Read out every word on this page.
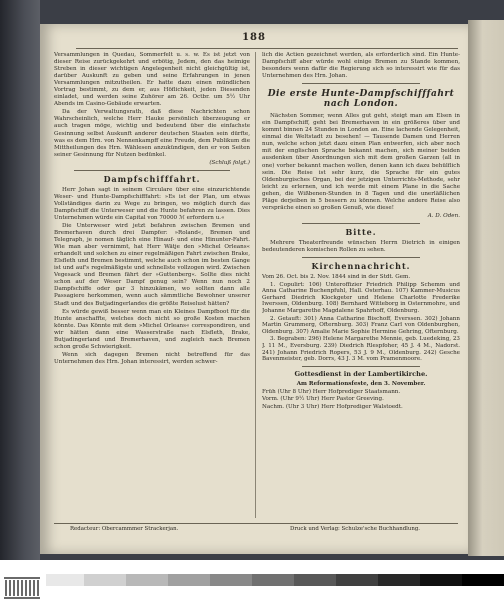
188

Versammlungen in Quedau, Sommerfelt u. s. w. Es ist jetzt von dieser Reise zurückgekehrt und erbötig, Jedem, den das heimige Streben in dieser wichtigen Angelegenheit nicht gleichgültig ist, darüber Auskunft zu geben und seine Erfahrungen in jenen Versammlungen mitzutheilen. Er hatte dazu einen mündlichen Vortrag bestimmt, zu dem er, aus Höflichkeit, jeden Diesenden einladet, und werden seine Zuhörer am 26. Octbr. um 5½ Uhr Abends im Casino-Gebäude erwarten.

Da der Verwaltungsrath, daß diese Nachrichten schon Wahrscheinlich, welche Herr Hauke persönlich überzeugung er auch tragen möge, wichtig und bedeutend über die einfachste Gesinnung selbst Auskunft anderer deutschen Staaten sein dürfte, was es dem Hrn. von Nennenkampff eine Freude, dem Publikum die Mittheilungen des Hrn. Wählesen anzukündigen, den er von Seiten seiner Gesinnung für Nutzen bedünkel.

(Schluß folgt.)
Dampfschifffahrt.

Herr Johan sagt in seinem Circulare über eine einzurichtende Weser- und Hunte-Dampfschifffahrt: »Es ist der Plan, um etwas Vollständiges darin zu Wege zu bringen, wo möglich durch das Dampfschiff die Unterweser und die Hunte befahren zu lassen. Dies Unternehmen würde ein Capital von 70000 ℳ erfordern u.«

Die Unterweser wird jetzt befahren zwischen Bremen und Bremerhaven durch drei Dampfer: »Roland«, Bremen und Telegraph, je nomen täglich eine Hinauf- und eine Hinunter-Fahrt. Wie man aber vernimmt, hat Herr Wätje den »Michel Orleans« erhandelt und solchen zu einer regelmäßigen Fahrt zwischen Brake, Elsfleth und Bremen bestimmt, welche auch schon im besten Gange ist und auf's regelmäßigste und schnellste vollzogen wird. Zwischen Vegesack und Bremen fährt der »Guttenberg«. Sollte dies nicht schon auf der Weser Dampf genug sein? Wenn nun noch 2 Dampfschiffe oder gar 3 hinzukämen, wo sollten dann alle Passagiere herkommen, wenn auch sämmtliche Bewohner unserer Stadt und des Butjadingerlandes die größte Reiselust hätten?

Es würde gewiß besser wenn man ein Kleines Dampfboot für die Hunte anschaffte, welches doch nicht so große Kosten machen könnte. Das Könnte mit dem »Michel Orleans« correspondiren, und wir hätten dann eine Wasserstraße nach Elsfleth, Brake, Butjadingerland und Bremerhaven, und zugleich nach Bremen schon große Schwierigkeit.

Wenn sich dagegen Bremen nicht betreffend für das Unternehmen des Hrn. Johan interessirt, werden schwer-

lich die Actien gezeichnet werden, als erforderlich sind. Ein Hunte-Dampfschiff aber würde wohl einige Bremen zu Stande kommen, besonders wenn dafür die Regierung sich so interessirt wie für das Unternehmen des Hrn. Johan.

Die erste Hunte-Dampfschifffahrt nach London.

Nächsten Sommer, wenn Alles gut geht, steigt man am Elsen in ein Dampfschiff, geht bei Bremerhaven in ein größeres über und kommt binnen 24 Stunden in London an. Eine lachende Gelegenheit, einmal die Weltstadt zu besehen! — Tausende Damen und Herren nun, welche schon jetzt dazu einen Plan entwerfen, sich aber noch mit der englischen Sprache bekannt machen, sich meiner beiden ausdenken über Anordnungen sich mit dem großen Garzen (all in one) vorher bekannt machen wollen, denen kann ich dazu behülflich sein. Die Reise ist sehr kurz, die Sprache für ein gutes Oldenburgisches Organ, bei der jetzigen Unterrichts-Methode, sehr leicht zu erlernen, und ich werde mit einem Plane in die Sache gehen, die Wißbenen-Stunden in 8 Tagen und die unerläßlichen Pläge derjeiben in 5 bessern zu können. Welche andere Reise also verspräche einen so großen Genuß, wie diese!

A. D. Oden.
Bitte.

Mehrere Theaterfreunde wünschen Herrn Dietrich in einigen bedeutenderen komischen Rollen zu sehen.

Kirchennachricht.

Vom 26. Oct. bis 2. Nov. 1844 sind in der Stdt. Gem.

1. Copulirt: 106) Unteroffizier Friedrich Philipp Schemm und Anna Catharine Buchenpfuhl, Hall. Osterhau. 107) Kammer-Musicus Gerhard Diedrich Klockgeter und Helene Charlotte Frederike Iwerssen, Oldenburg. 108) Bernhard Witteborg in Osternmohre, und Johanne Margarethe Magdalene Spahrhoff, Oldenburg.

2. Getauft: 301) Anna Catharine Bischoff, Everssen. 302) Johann Martin Grummerg, Ofternburg. 303) Franz Carl von Oldenburghen, Oldenburg. 307) Amalie Marie Sophie Hermine Gehring, Ofternburg.

3. Begraben: 296) Helene Margarethe Mennie, geb. Luedeking, 23 J. 11 M., Eversburg. 239) Diedrich Rlespfoher, 45 J. 4 M., Nadorst. 241) Johann Friedrich Ropers, 53 J. 9 M., Oldenburg. 242) Gesche Bavenmeister, geb. Dorrs, 43 J. 3 M. vom Pramenmoore.

Gottesdienst in der Lambertikirche.

Am Reformationsfeste, den 3. November.

Früh (Uhr 8 Uhr) Herr Hofprediger Staatsmann.

Vorm. (Uhr 9½ Uhr) Herr Pastor Greeving.

Nachm. (Uhr 3 Uhr) Herr Hofprediger Walstoedt.

Redacteur: Obercammmer Strackerjan.	Druck und Verlag: Schulze'sche Buchhandlung.
